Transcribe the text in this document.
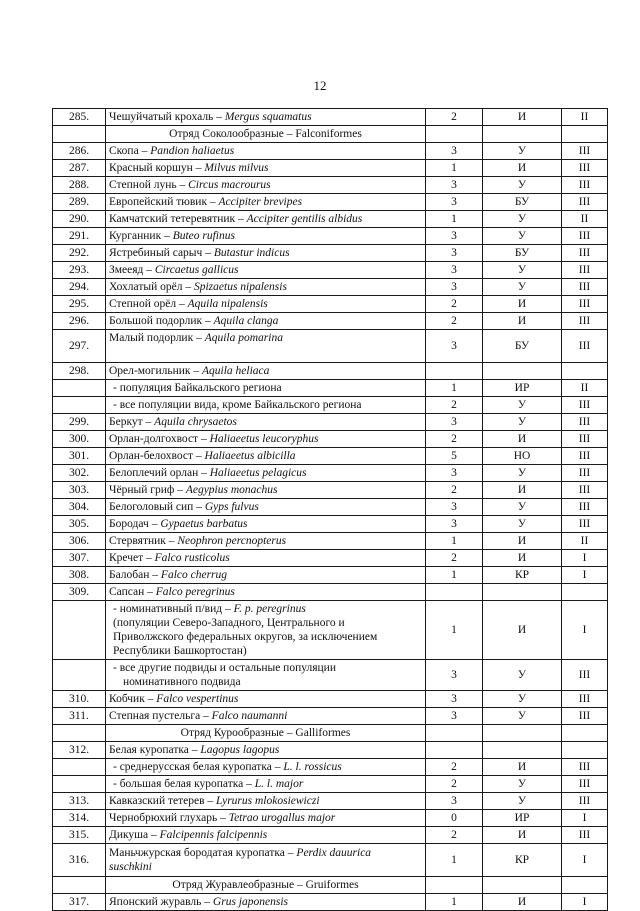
12
285.	Чешуйчатый крохаль – Mergus squamatus	2	И	II
	Отряд Соколообразные – Falconiformes			
286.	Скопа – Pandion haliaetus	3	У	III
287.	Красный коршун – Milvus milvus	1	И	III
288.	Степной лунь – Circus macrourus	3	У	III
289.	Европейский тювик – Accipiter brevipes	3	БУ	III
290.	Камчатский тетеревятник – Accipiter gentilis albidus	1	У	II
291.	Курганник – Buteo rufinus	3	У	III
292.	Ястребиный сарыч – Butastur indicus	3	БУ	III
293.	Змееяд – Circaetus gallicus	3	У	III
294.	Хохлатый орёл – Spizaetus nipalensis	3	У	III
295.	Степной орёл – Aquila nipalensis	2	И	III
296.	Большой подорлик – Aquila clanga	2	И	III
297.	Малый подорлик – Aquila pomarina	3	БУ	III
298.	Орел-могильник – Aquila heliaca			
	- популяция Байкальского региона	1	ИР	II
	- все популяции вида, кроме Байкальского региона	2	У	III
299.	Беркут – Aquila chrysaetos	3	У	III
300.	Орлан-долгохвост – Haliaeetus leucoryphus	2	И	III
301.	Орлан-белохвост – Haliaeetus albicilla	5	НО	III
302.	Белоплечий орлан – Haliaeetus pelagicus	3	У	III
303.	Чёрный гриф – Aegypius monachus	2	И	III
304.	Белоголовый сип – Gyps fulvus	3	У	III
305.	Бородач – Gypaetus barbatus	3	У	III
306.	Стервятник – Neophron percnopterus	1	И	II
307.	Кречет – Falco rusticolus	2	И	I
308.	Балобан – Falco cherrug	1	КР	I
309.	Сапсан – Falco peregrinus			
	- номинативный п/вид – F. p. peregrinus
(популяции Северо-Западного, Центрального и
Приволжского федеральных округов, за исключением
Республики Башкортостан)	1	И	I
	- все другие подвиды и остальные популяции
номинативного подвида	3	У	III
310.	Кобчик – Falco vespertinus	3	У	III
311.	Степная пустельга – Falco naumanni	3	У	III
	Отряд Курообразные – Galliformes			
312.	Белая куропатка – Lagopus lagopus			
	- среднерусская белая куропатка – L. l. rossicus	2	И	III
	- большая белая куропатка – L. l. major	2	У	III
313.	Кавказский тетерев – Lyrurus mlokosiewiczi	3	У	III
314.	Чернобрюхий глухарь – Tetrao urogallus major	0	ИР	I
315.	Дикуша – Falcipennis falcipennis	2	И	III
316.	Маньчжурская бородатая куропатка – Perdix dauurica
suschkini	1	КР	I
	Отряд Журавлеобразные – Gruiformes			
317.	Японский журавль – Grus japonensis	1	И	I
